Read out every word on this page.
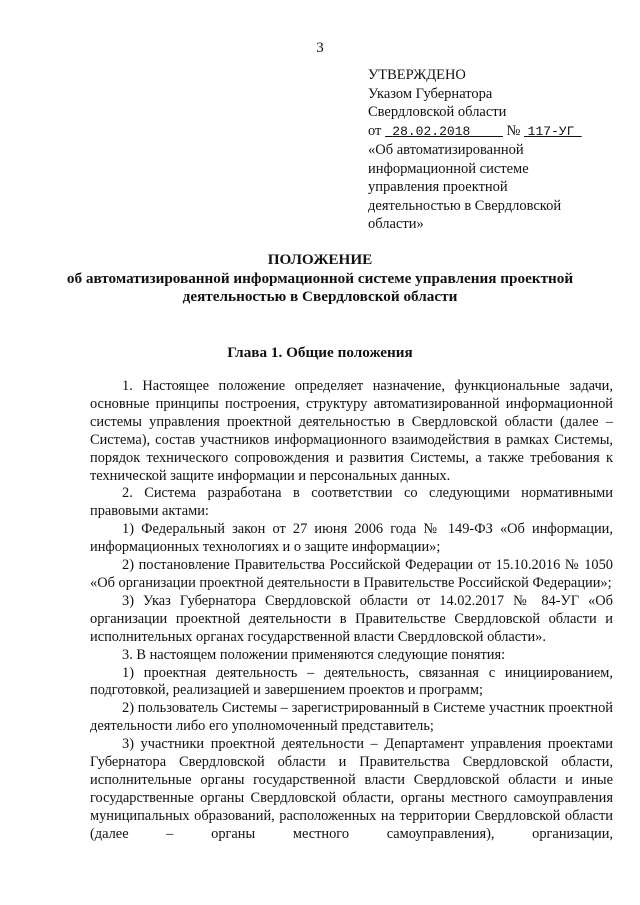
3
УТВЕРЖДЕНО
Указом Губернатора
Свердловской области
от 28.02.2018	№ 117-УГ
«Об автоматизированной
информационной системе
управления проектной
деятельностью в Свердловской
области»
ПОЛОЖЕНИЕ
об автоматизированной информационной системе управления проектной деятельностью в Свердловской области
Глава 1. Общие положения

1. Настоящее положение определяет назначение, функциональные задачи, основные принципы построения, структуру автоматизированной информационной системы управления проектной деятельностью в Свердловской области (далее – Система), состав участников информационного взаимодействия в рамках Системы, порядок технического сопровождения и развития Системы, а также требования к технической защите информации и персональных данных.

2. Система разработана в соответствии со следующими нормативными правовыми актами:

1) Федеральный закон от 27 июня 2006 года № 149-ФЗ «Об информации, информационных технологиях и о защите информации»;

2) постановление Правительства Российской Федерации от 15.10.2016 № 1050 «Об организации проектной деятельности в Правительстве Российской Федерации»;

3) Указ Губернатора Свердловской области от 14.02.2017 № 84-УГ «Об организации проектной деятельности в Правительстве Свердловской области и исполнительных органах государственной власти Свердловской области».

3. В настоящем положении применяются следующие понятия:

1) проектная деятельность – деятельность, связанная с инициированием, подготовкой, реализацией и завершением проектов и программ;

2) пользователь Системы – зарегистрированный в Системе участник проектной деятельности либо его уполномоченный представитель;

3) участники проектной деятельности – Департамент управления проектами Губернатора Свердловской области и Правительства Свердловской области, исполнительные органы государственной власти Свердловской области и иные государственные органы Свердловской области, органы местного самоуправления муниципальных образований, расположенных на территории Свердловской области (далее – органы местного самоуправления), организации,
